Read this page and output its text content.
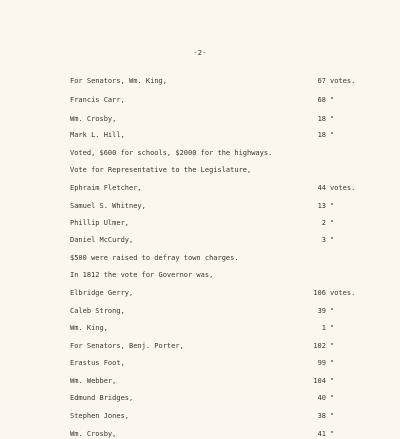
-2-
For Senators, Wm. King,	67 votes.
Francis Carr,	68 "
Wm. Crosby,	18 "
Mark L. Hill,	18 "
Voted, $600 for schools, $2000 for the highways.
Vote for Representative to the Legislature,
Ephraim Fletcher,	44 votes.
Samuel S. Whitney,	13 "
Phillip Ulmer,	2 "
Daniel McCurdy,	3 "
$500 were raised to defray town charges.
In 1812 the vote for Governor was,
Elbridge Gerry,	106 votes.
Caleb Strong,	39 "
Wm. King,	1 "
For Senators, Benj. Porter,	102 "
Erastus Foot,	99 "
Wm. Webber,	104 "
Edmund Bridges,	40 "
Stephen Jones,	38 "
Wm. Crosby,	41 "
